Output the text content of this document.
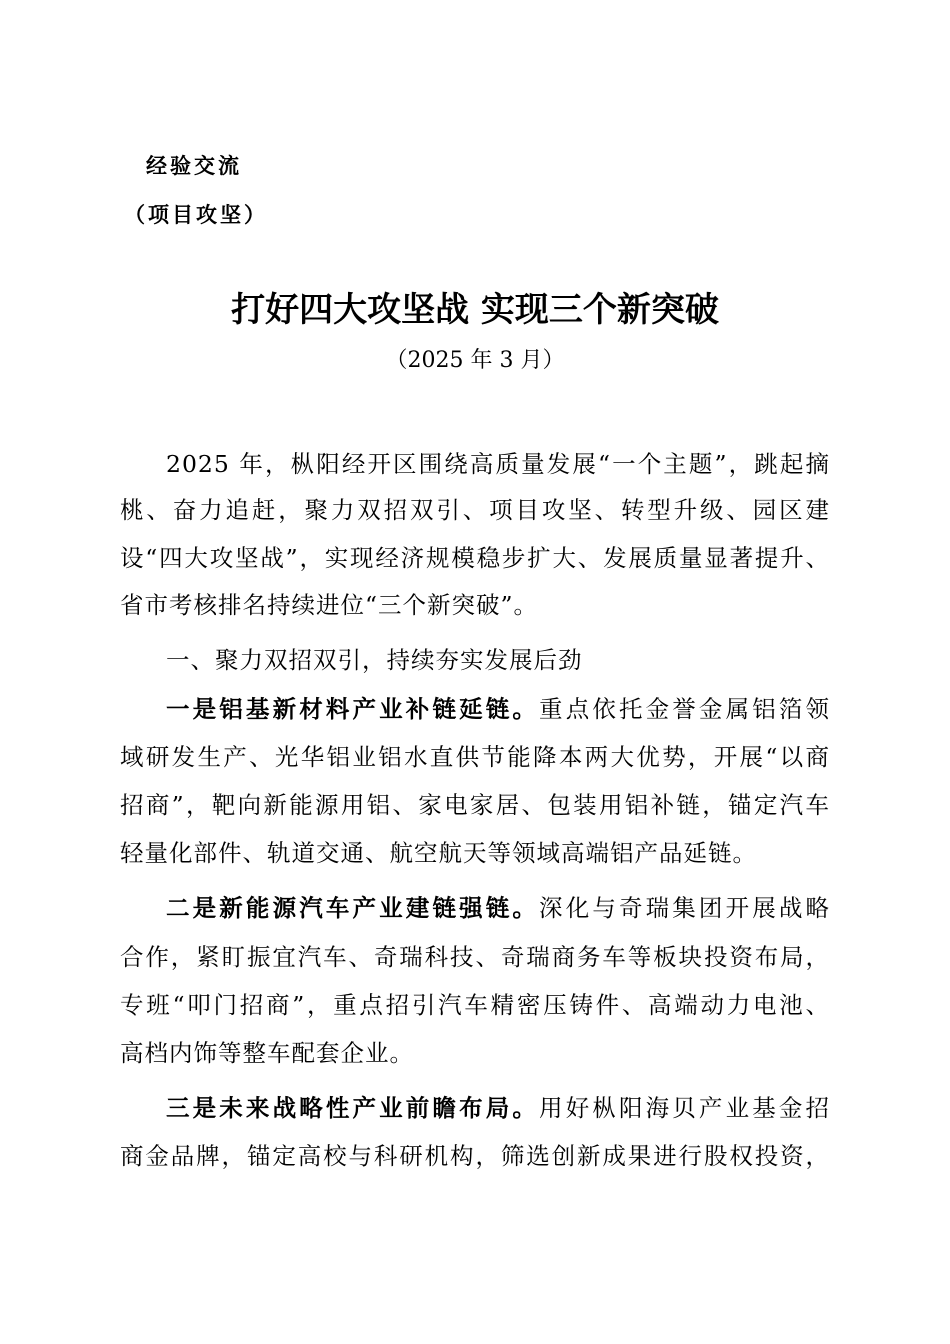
经验交流
（项目攻坚）
打好四大攻坚战 实现三个新突破
（2025 年 3 月）
2025 年，枞阳经开区围绕高质量发展“一个主题”，跳起摘
桃、奋力追赶，聚力双招双引、项目攻坚、转型升级、园区建
设“四大攻坚战”，实现经济规模稳步扩大、发展质量显著提升、
省市考核排名持续进位“三个新突破”。
一、聚力双招双引，持续夯实发展后劲
一是铝基新材料产业补链延链。重点依托金誉金属铝箔领
域研发生产、光华铝业铝水直供节能降本两大优势，开展“以商
招商”，靶向新能源用铝、家电家居、包装用铝补链，锚定汽车
轻量化部件、轨道交通、航空航天等领域高端铝产品延链。
二是新能源汽车产业建链强链。深化与奇瑞集团开展战略
合作，紧盯振宜汽车、奇瑞科技、奇瑞商务车等板块投资布局，
专班“叩门招商”，重点招引汽车精密压铸件、高端动力电池、
高档内饰等整车配套企业。
三是未来战略性产业前瞻布局。用好枞阳海贝产业基金招
商金品牌，锚定高校与科研机构，筛选创新成果进行股权投资，
